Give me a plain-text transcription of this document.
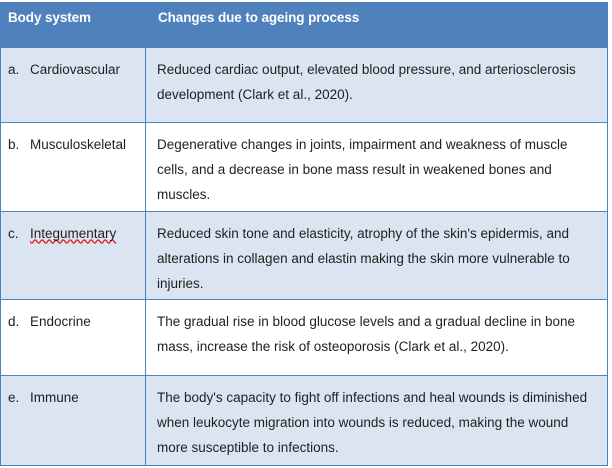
Body system	Changes due to ageing process
a. Cardiovascular	Reduced cardiac output, elevated blood pressure, and arteriosclerosis development (Clark et al., 2020).
b. Musculoskeletal	Degenerative changes in joints, impairment and weakness of muscle cells, and a decrease in bone mass result in weakened bones and muscles.
c. Integumentary	Reduced skin tone and elasticity, atrophy of the skin's epidermis, and alterations in collagen and elastin making the skin more vulnerable to injuries.
d. Endocrine	The gradual rise in blood glucose levels and a gradual decline in bone mass, increase the risk of osteoporosis (Clark et al., 2020).
e. Immune	The body's capacity to fight off infections and heal wounds is diminished when leukocyte migration into wounds is reduced, making the wound more susceptible to infections.
